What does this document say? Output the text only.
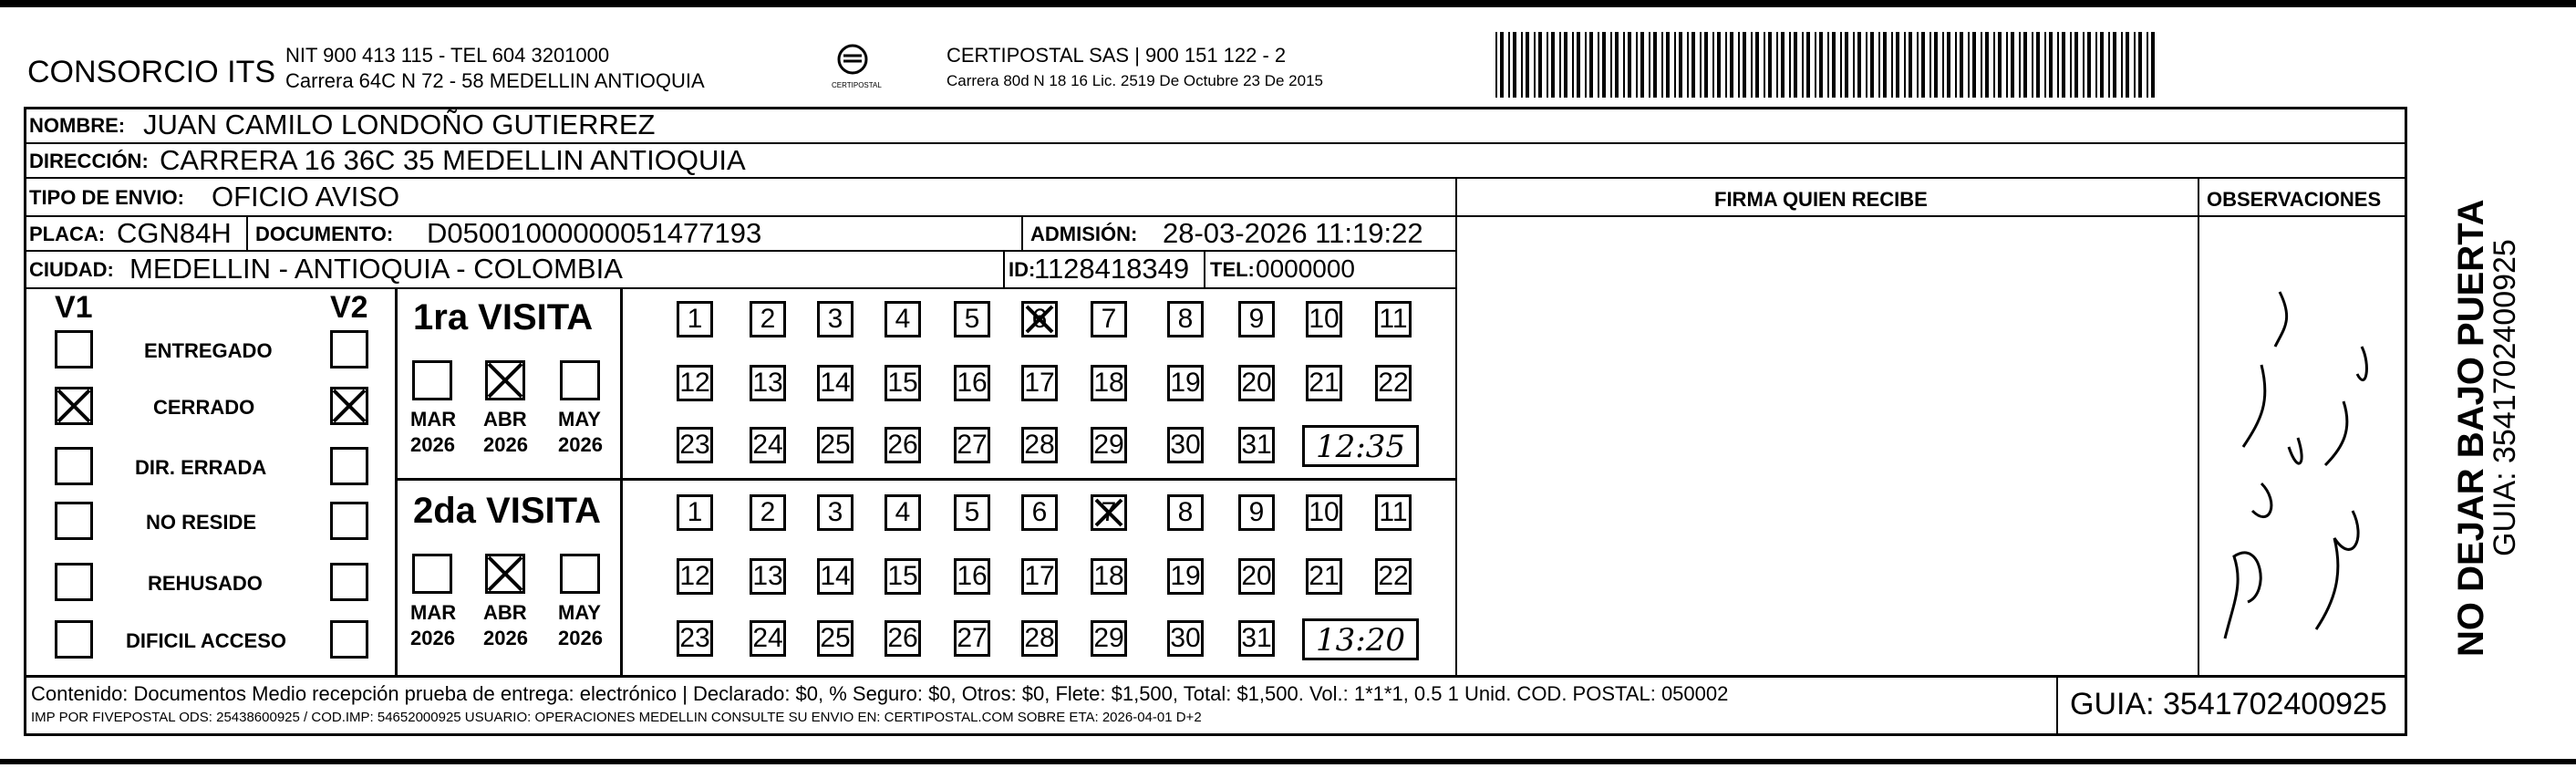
CONSORCIO ITS NIT 900 413 115 - TEL 604 3201000
Carrera 64C N 72 - 58 MEDELLIN ANTIOQUIA	CERTIPOSTAL
CERTIPOSTAL SAS | 900 151 122 - 2
Carrera 80d N 18 16 Lic. 2519 De Octubre 23 De 2015
NOMBRE: JUAN CAMILO LONDOÑO GUTIERREZ
DIRECCIÓN: CARRERA 16 36C 35 MEDELLIN ANTIOQUIA
TIPO DE ENVIO: OFICIO AVISO	FIRMA QUIEN RECIBE	OBSERVACIONES
PLACA: CGN84H DOCUMENTO: D05001000000051477193	ADMISIÓN: 28-03-2026 11:19:22
CIUDAD: MEDELLIN - ANTIOQUIA - COLOMBIA	ID:
1128418349 TEL: 0000000
V1	V2
ENTREGADO
CERRADO
DIR. ERRADA
NO RESIDE
REHUSADO
DIFICIL ACCESO
1ra VISITA
2da VISITA
MAR
2026
ABR
2026
MAY
2026
1	2	3	4	5	6	7	8	9	10 11
12 13 14 15 16 17 18 19 20 21 22
23 24 25 26 27 28 29 30 31 12:35
MAR
2026
ABR
2026
MAY
2026
1	2	3	4	5	6	7	8	9	10 11
12 13 14 15 16 17 18 19 20 21 22
23 24 25 26 27 28 29 30 31 13:20
Contenido: Documentos Medio recepción prueba de entrega: electrónico | Declarado: $0, % Seguro: $0, Otros: $0, Flete: $1,500, Total: $1,500. Vol.: 1*1*1, 0.5 1 Unid. COD. POSTAL: 050002
IMP POR FIVEPOSTAL ODS: 25438600925 / COD.IMP: 54652000925 USUARIO: OPERACIONES MEDELLIN CONSULTE SU ENVIO EN: CERTIPOSTAL.COM SOBRE ETA: 2026-04-01 D+2	GUIA: 3541702400925
NO DEJAR BAJO PUERTA
GUIA: 3541702400925
